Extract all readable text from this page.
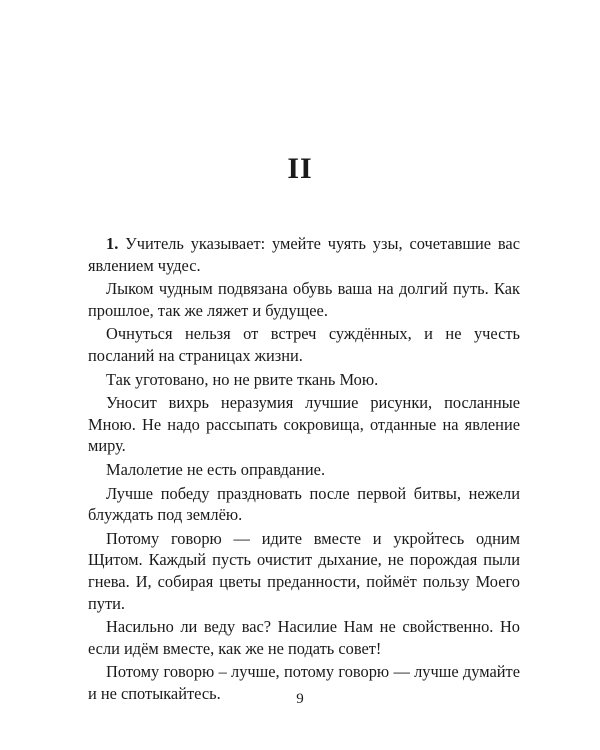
II

1. Учитель указывает: умейте чуять узы, сочетавшие вас явлением чудес.

Лыком чудным подвязана обувь ваша на долгий путь. Как прошлое, так же ляжет и будущее.

Очнуться нельзя от встреч суждённых, и не учесть посланий на страницах жизни.

Так уготовано, но не рвите ткань Мою.

Уносит вихрь неразумия лучшие рисунки, посланные Мною. Не надо рассыпать сокровища, отданные на явление миру.

Малолетие не есть оправдание.

Лучше победу праздновать после первой битвы, нежели блуждать под землёю.

Потому говорю — идите вместе и укройтесь одним Щитом. Каждый пусть очистит дыхание, не порождая пыли гнева. И, собирая цветы преданности, поймёт пользу Моего пути.

Насильно ли веду вас? Насилие Нам не свойственно. Но если идём вместе, как же не подать совет!

Потому говорю – лучше, потому говорю — лучше думайте и не спотыкайтесь.	9
